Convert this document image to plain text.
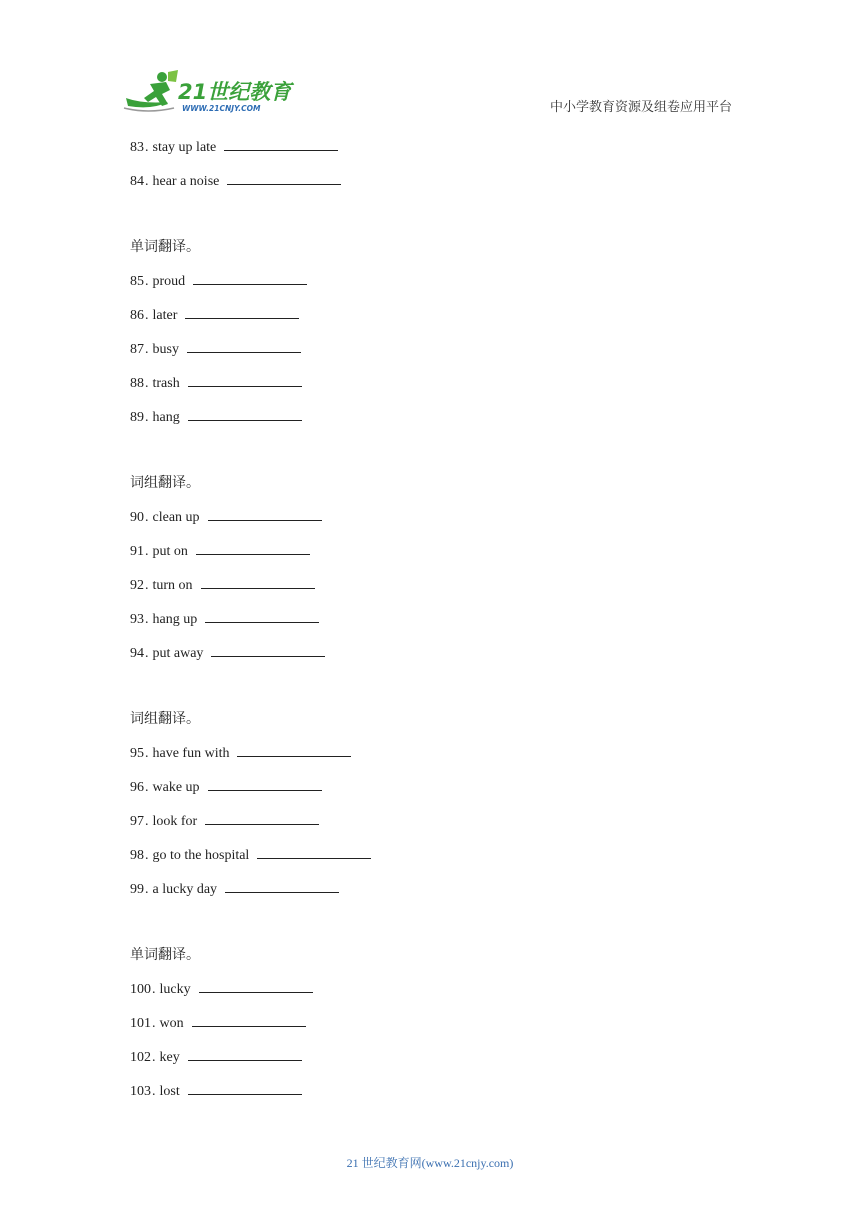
21世纪教育
WWW.21CNJY.COM	中小学教育资源及组卷应用平台
83. stay up late
84. hear a noise
单词翻译。
85. proud
86. later
87. busy
88. trash
89. hang
词组翻译。
90. clean up
91. put on
92. turn on
93. hang up
94. put away
词组翻译。
95. have fun with
96. wake up
97. look for
98. go to the hospital
99. a lucky day
单词翻译。
100. lucky
101. won
102. key
103. lost
21 世纪教育网(www.21cnjy.com)
